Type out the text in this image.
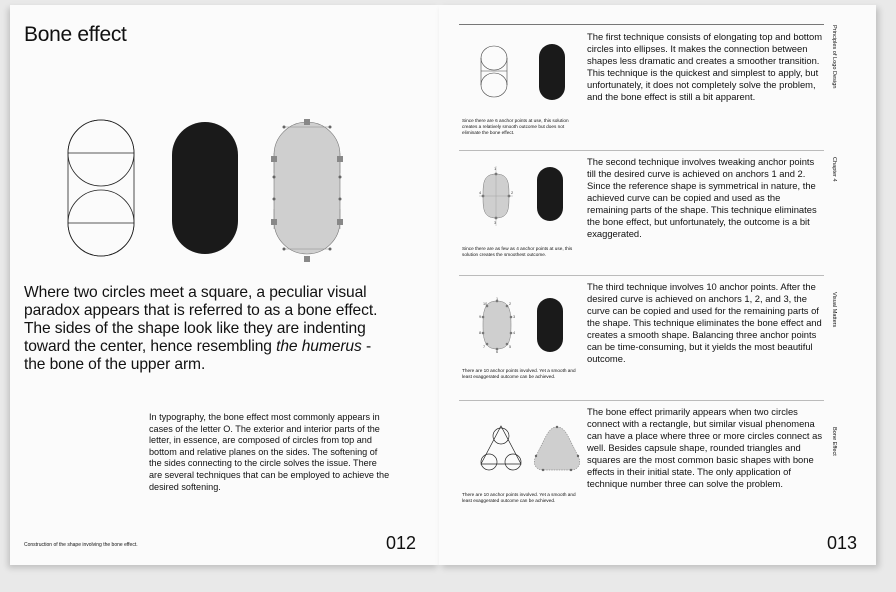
Bone effect

Where two circles meet a square, a peculiar visual paradox appears that is referred to as a bone effect. The sides of the shape look like they are indenting toward the center, hence resembling the humerus - the bone of the upper arm.

In typography, the bone effect most commonly appears in cases of the letter O. The exterior and interior parts of the letter, in essence, are composed of circles from top and bottom and relative planes on the sides. The softening of the sides connecting to the circle solves the issue. There are several techniques that can be employed to achieve the desired softening.

Construction of the shape involving the bone effect.	012

Since there are 6 anchor points at use, this solution creates a relatively smooth outcome but does not eliminate the bone effect.

The first technique consists of elongating top and bottom circles into ellipses. It makes the connection between shapes less dramatic and creates a smoother transition. This technique is the quickest and simplest to apply, but unfortunately, it does not completely solve the problem, and the bone effect is still a bit apparent.

1
2
3
4

Since there are as few as 4 anchor points at use, this solution creates the smoothest outcome.

The second technique involves tweaking anchor points till the desired curve is achieved on anchors 1 and 2. Since the reference shape is symmetrical in nature, the achieved curve can be copied and used as the remaining parts of the shape. This technique eliminates the bone effect, but unfortunately, the outcome is a bit exaggerated.

1
2
3
10
9
8
7
6
5
4

There are 10 anchor points involved. Yet a smooth and least exaggerated outcome can be achieved.

The third technique involves 10 anchor points. After the desired curve is achieved on anchors 1, 2, and 3, the curve can be copied and used for the remaining parts of the shape. This technique eliminates the bone effect and creates a smooth shape. Balancing three anchor points can be time-consuming, but it yields the most beautiful outcome.

There are 10 anchor points involved. Yet a smooth and least exaggerated outcome can be achieved.

The bone effect primarily appears when two circles connect with a rectangle, but similar visual phenomena can have a place where three or more circles connect as well. Besides capsule shape, rounded triangles and squares are the most common basic shapes with bone effects in their initial state. The only application of technique number three can solve the problem.

Principles of Logo Design

Chapter 4

Visual Matters

Bone Effect

013
